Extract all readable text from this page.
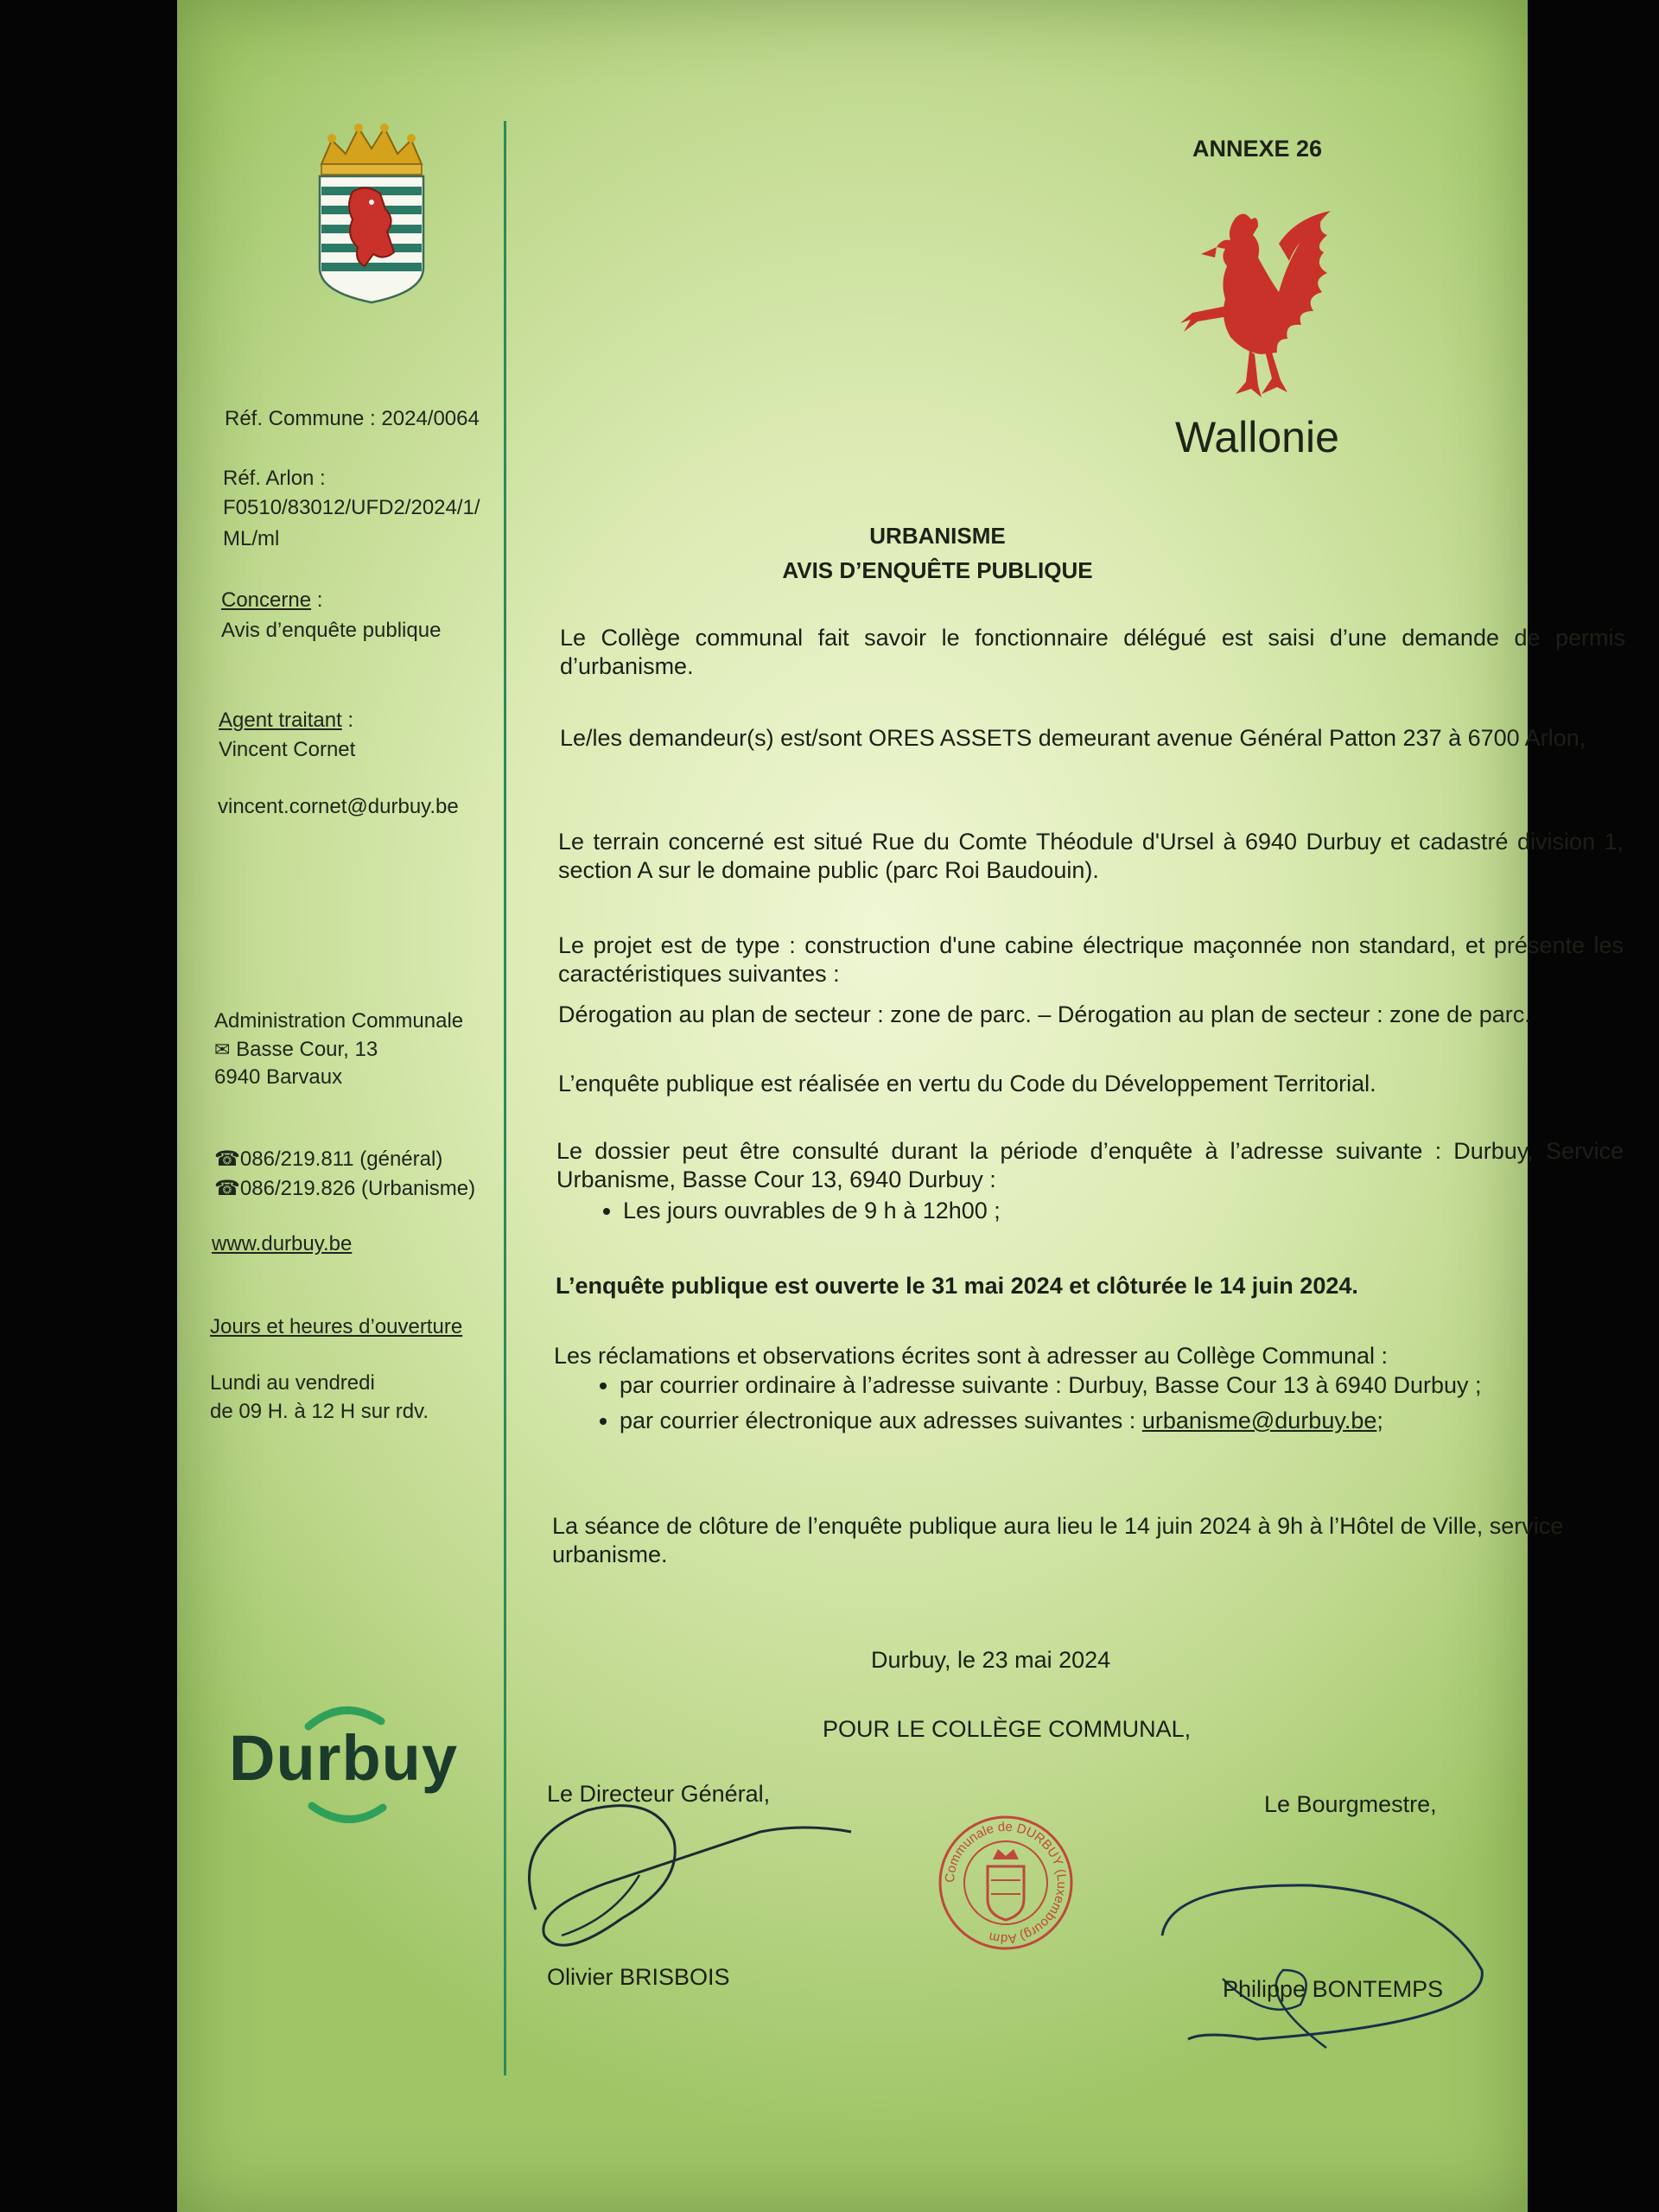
ANNEXE 26
Wallonie
Réf. Commune : 2024/0064
Réf. Arlon :
F0510/83012/UFD2/2024/1/
ML/ml
Concerne :
Avis d’enquête publique
Agent traitant :
Vincent Cornet
vincent.cornet@durbuy.be
Administration Communale
✉ Basse Cour, 13
6940 Barvaux
☎086/219.811 (général)
☎086/219.826 (Urbanisme)
www.durbuy.be
Jours et heures d’ouverture
Lundi au vendredi
de 09 H. à 12 H sur rdv.
Durbuy
URBANISME
AVIS D’ENQUÊTE PUBLIQUE
Le Collège communal fait savoir le fonctionnaire délégué est saisi d’une demande de permis d’urbanisme.
Le/les demandeur(s) est/sont ORES ASSETS demeurant avenue Général Patton 237 à 6700 Arlon,
Le terrain concerné est situé Rue du Comte Théodule d'Ursel à 6940 Durbuy et cadastré division 1, section A sur le domaine public (parc Roi Baudouin).
Le projet est de type : construction d'une cabine électrique maçonnée non standard, et présente les caractéristiques suivantes :
Dérogation au plan de secteur : zone de parc. – Dérogation au plan de secteur : zone de parc.
L’enquête publique est réalisée en vertu du Code du Développement Territorial.
Le dossier peut être consulté durant la période d’enquête à l’adresse suivante : Durbuy, Service Urbanisme, Basse Cour 13, 6940 Durbuy :
• Les jours ouvrables de 9 h à 12h00 ;
L’enquête publique est ouverte le 31 mai 2024 et clôturée le 14 juin 2024.
Les réclamations et observations écrites sont à adresser au Collège Communal :
• par courrier ordinaire à l’adresse suivante : Durbuy, Basse Cour 13 à 6940 Durbuy ;
• par courrier électronique aux adresses suivantes : urbanisme@durbuy.be;
La séance de clôture de l’enquête publique aura lieu le 14 juin 2024 à 9h à l’Hôtel de Ville, service urbanisme.
Durbuy, le 23 mai 2024
POUR LE COLLÈGE COMMUNAL,
Le Directeur Général,	Le Bourgmestre,
Communale de DURBUY (Luxembourg) Adm
Olivier BRISBOIS	Philippe BONTEMPS
